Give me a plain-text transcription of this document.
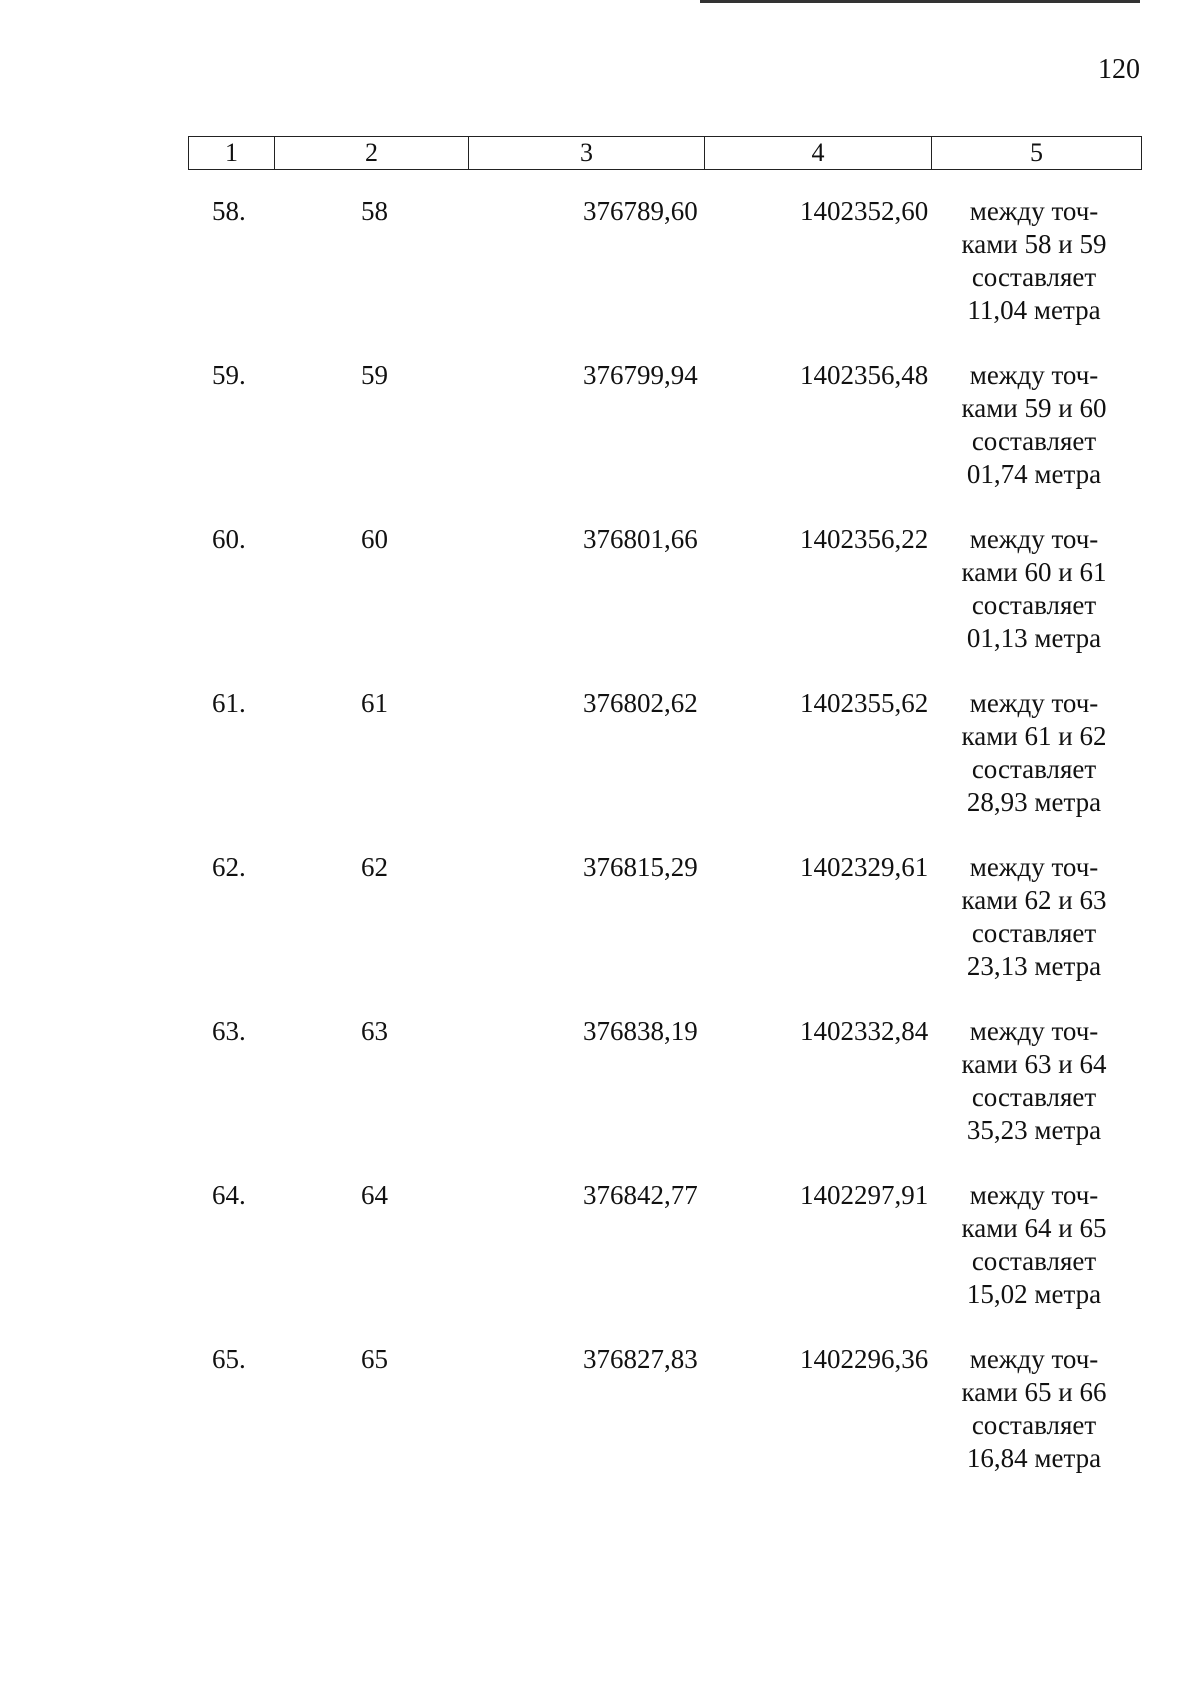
120
1	2	3	4	5
58.	58	376789,60	1402352,60	между точ-
ками 58 и 59
составляет
11,04 метра
59.	59	376799,94	1402356,48	между точ-
ками 59 и 60
составляет
01,74 метра
60.	60	376801,66	1402356,22	между точ-
ками 60 и 61
составляет
01,13 метра
61.	61	376802,62	1402355,62	между точ-
ками 61 и 62
составляет
28,93 метра
62.	62	376815,29	1402329,61	между точ-
ками 62 и 63
составляет
23,13 метра
63.	63	376838,19	1402332,84	между точ-
ками 63 и 64
составляет
35,23 метра
64.	64	376842,77	1402297,91	между точ-
ками 64 и 65
составляет
15,02 метра
65.	65	376827,83	1402296,36	между точ-
ками 65 и 66
составляет
16,84 метра
